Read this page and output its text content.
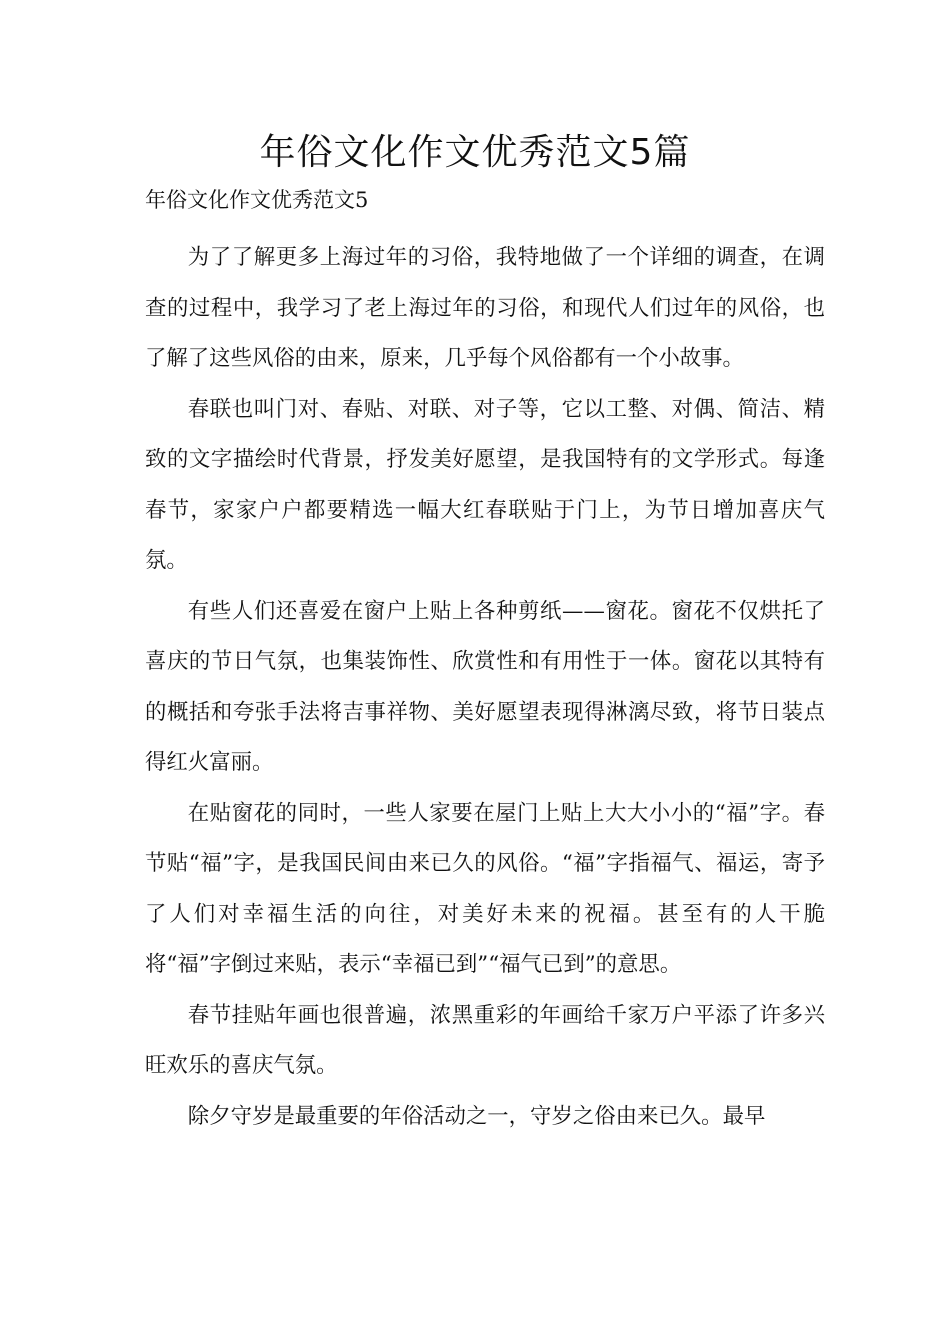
年俗文化作文优秀范文5篇
年俗文化作文优秀范文5

为了了解更多上海过年的习俗，我特地做了一个详细的调查，在调查的过程中，我学习了老上海过年的习俗，和现代人们过年的风俗，也了解了这些风俗的由来，原来，几乎每个风俗都有一个小故事。

春联也叫门对、春贴、对联、对子等，它以工整、对偶、简洁、精致的文字描绘时代背景，抒发美好愿望，是我国特有的文学形式。每逢春节，家家户户都要精选一幅大红春联贴于门上，为节日增加喜庆气氛。

有些人们还喜爱在窗户上贴上各种剪纸——窗花。窗花不仅烘托了喜庆的节日气氛，也集装饰性、欣赏性和有用性于一体。窗花以其特有的概括和夸张手法将吉事祥物、美好愿望表现得淋漓尽致，将节日装点得红火富丽。

在贴窗花的同时，一些人家要在屋门上贴上大大小小的“福”字。春节贴“福”字，是我国民间由来已久的风俗。“福”字指福气、福运，寄予了人们对幸福生活的向往，对美好未来的祝福。甚至有的人干脆将“福”字倒过来贴，表示“幸福已到”“福气已到”的意思。

春节挂贴年画也很普遍，浓黑重彩的年画给千家万户平添了许多兴旺欢乐的喜庆气氛。

除夕守岁是最重要的年俗活动之一，守岁之俗由来已久。最早
